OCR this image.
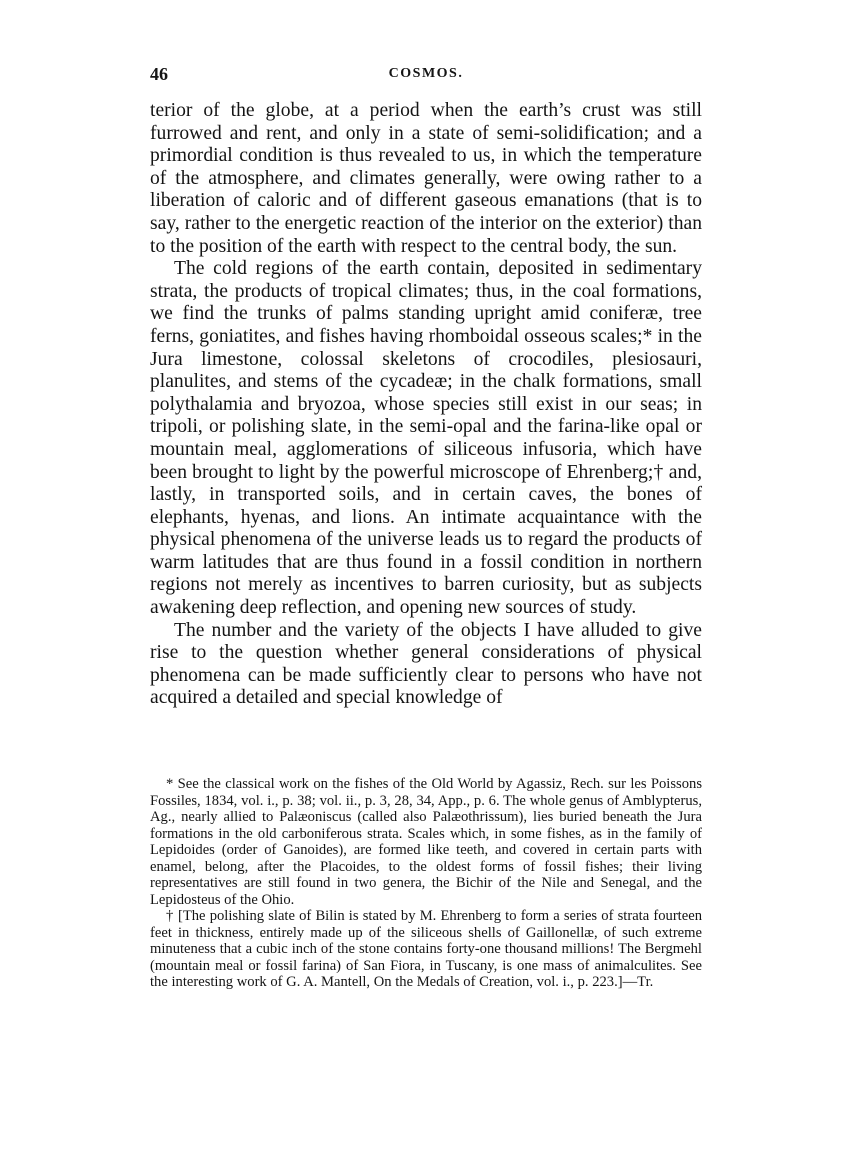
46	COSMOS.

terior of the globe, at a period when the earth’s crust was still furrowed and rent, and only in a state of semi-solidification; and a primordial condition is thus revealed to us, in which the temperature of the atmosphere, and climates generally, were owing rather to a liberation of caloric and of different gaseous emanations (that is to say, rather to the energetic reaction of the interior on the exterior) than to the position of the earth with respect to the central body, the sun.

The cold regions of the earth contain, deposited in sedimentary strata, the products of tropical climates; thus, in the coal formations, we find the trunks of palms standing upright amid coniferæ, tree ferns, goniatites, and fishes having rhomboidal osseous scales;* in the Jura limestone, colossal skeletons of crocodiles, plesiosauri, planulites, and stems of the cycadeæ; in the chalk formations, small polythalamia and bryozoa, whose species still exist in our seas; in tripoli, or polishing slate, in the semi-opal and the farina-like opal or mountain meal, agglomerations of siliceous infusoria, which have been brought to light by the powerful microscope of Ehrenberg;† and, lastly, in transported soils, and in certain caves, the bones of elephants, hyenas, and lions. An intimate acquaintance with the physical phenomena of the universe leads us to regard the products of warm latitudes that are thus found in a fossil condition in northern regions not merely as incentives to barren curiosity, but as subjects awakening deep reflection, and opening new sources of study.

The number and the variety of the objects I have alluded to give rise to the question whether general considerations of physical phenomena can be made sufficiently clear to persons who have not acquired a detailed and special knowledge of

* See the classical work on the fishes of the Old World by Agassiz, Rech. sur les Poissons Fossiles, 1834, vol. i., p. 38; vol. ii., p. 3, 28, 34, App., p. 6. The whole genus of Amblypterus, Ag., nearly allied to Palæoniscus (called also Palæothrissum), lies buried beneath the Jura formations in the old carboniferous strata. Scales which, in some fishes, as in the family of Lepidoides (order of Ganoides), are formed like teeth, and covered in certain parts with enamel, belong, after the Placoides, to the oldest forms of fossil fishes; their living representatives are still found in two genera, the Bichir of the Nile and Senegal, and the Lepidosteus of the Ohio.

† [The polishing slate of Bilin is stated by M. Ehrenberg to form a series of strata fourteen feet in thickness, entirely made up of the siliceous shells of Gaillonellæ, of such extreme minuteness that a cubic inch of the stone contains forty-one thousand millions! The Bergmehl (mountain meal or fossil farina) of San Fiora, in Tuscany, is one mass of animalculites. See the interesting work of G. A. Mantell, On the Medals of Creation, vol. i., p. 223.]—Tr.
